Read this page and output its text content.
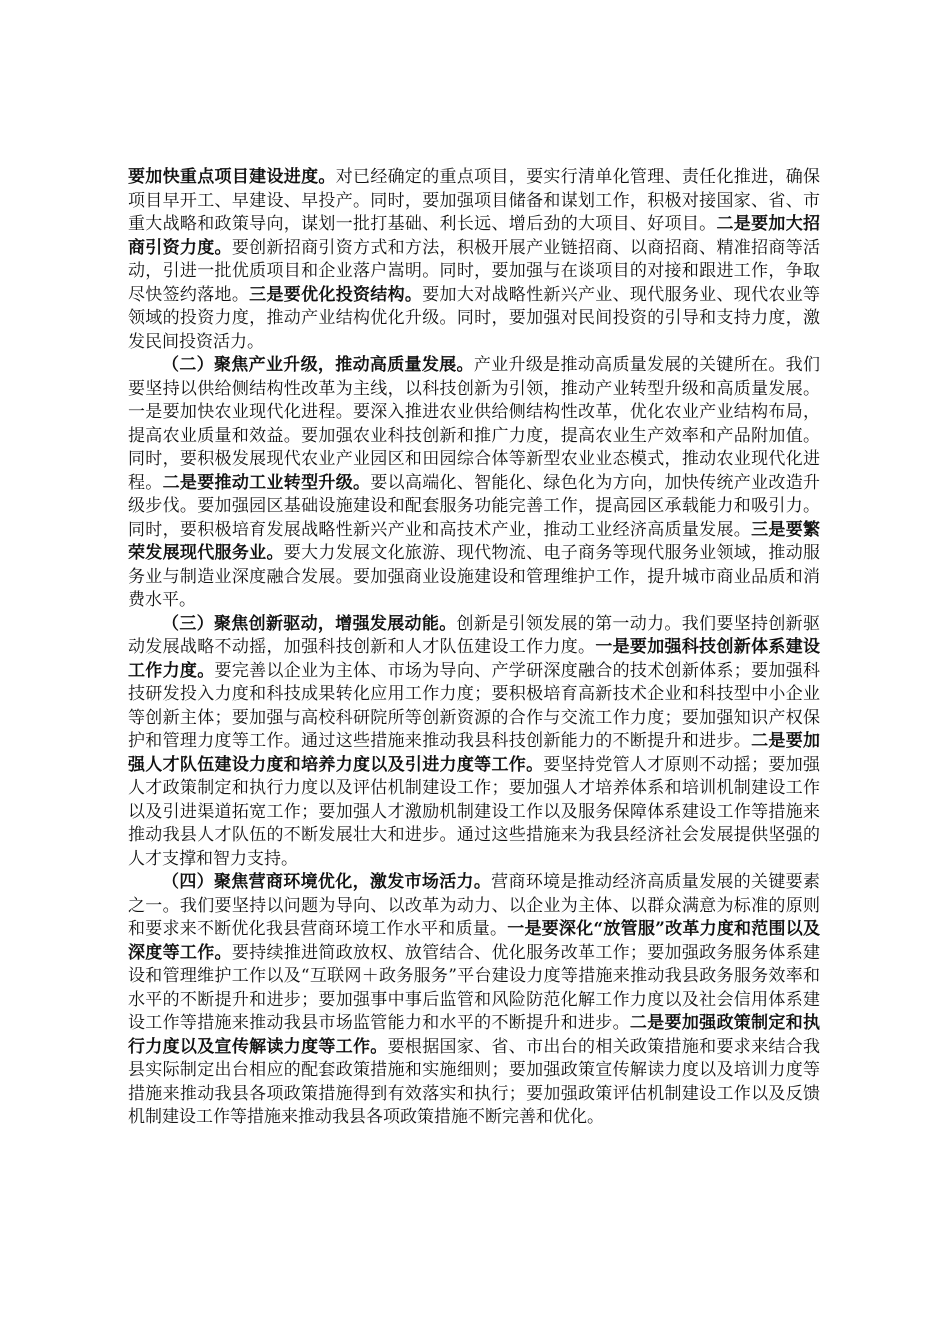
要加快重点项目建设进度。对已经确定的重点项目，要实行清单化管理、责任化推进，确保项目早开工、早建设、早投产。同时，要加强项目储备和谋划工作，积极对接国家、省、市重大战略和政策导向，谋划一批打基础、利长远、增后劲的大项目、好项目。二是要加大招商引资力度。要创新招商引资方式和方法，积极开展产业链招商、以商招商、精准招商等活动，引进一批优质项目和企业落户嵩明。同时，要加强与在谈项目的对接和跟进工作，争取尽快签约落地。三是要优化投资结构。要加大对战略性新兴产业、现代服务业、现代农业等领域的投资力度，推动产业结构优化升级。同时，要加强对民间投资的引导和支持力度，激发民间投资活力。

（二）聚焦产业升级，推动高质量发展。产业升级是推动高质量发展的关键所在。我们要坚持以供给侧结构性改革为主线，以科技创新为引领，推动产业转型升级和高质量发展。一是要加快农业现代化进程。要深入推进农业供给侧结构性改革，优化农业产业结构布局，提高农业质量和效益。要加强农业科技创新和推广力度，提高农业生产效率和产品附加值。同时，要积极发展现代农业产业园区和田园综合体等新型农业业态模式，推动农业现代化进程。二是要推动工业转型升级。要以高端化、智能化、绿色化为方向，加快传统产业改造升级步伐。要加强园区基础设施建设和配套服务功能完善工作，提高园区承载能力和吸引力。同时，要积极培育发展战略性新兴产业和高技术产业，推动工业经济高质量发展。三是要繁荣发展现代服务业。要大力发展文化旅游、现代物流、电子商务等现代服务业领域，推动服务业与制造业深度融合发展。要加强商业设施建设和管理维护工作，提升城市商业品质和消费水平。

（三）聚焦创新驱动，增强发展动能。创新是引领发展的第一动力。我们要坚持创新驱动发展战略不动摇，加强科技创新和人才队伍建设工作力度。一是要加强科技创新体系建设工作力度。要完善以企业为主体、市场为导向、产学研深度融合的技术创新体系；要加强科技研发投入力度和科技成果转化应用工作力度；要积极培育高新技术企业和科技型中小企业等创新主体；要加强与高校科研院所等创新资源的合作与交流工作力度；要加强知识产权保护和管理力度等工作。通过这些措施来推动我县科技创新能力的不断提升和进步。二是要加强人才队伍建设力度和培养力度以及引进力度等工作。要坚持党管人才原则不动摇；要加强人才政策制定和执行力度以及评估机制建设工作；要加强人才培养体系和培训机制建设工作以及引进渠道拓宽工作；要加强人才激励机制建设工作以及服务保障体系建设工作等措施来推动我县人才队伍的不断发展壮大和进步。通过这些措施来为我县经济社会发展提供坚强的人才支撑和智力支持。

（四）聚焦营商环境优化，激发市场活力。营商环境是推动经济高质量发展的关键要素之一。我们要坚持以问题为导向、以改革为动力、以企业为主体、以群众满意为标准的原则和要求来不断优化我县营商环境工作水平和质量。一是要深化“放管服”改革力度和范围以及深度等工作。要持续推进简政放权、放管结合、优化服务改革工作；要加强政务服务体系建设和管理维护工作以及“互联网＋政务服务”平台建设力度等措施来推动我县政务服务效率和水平的不断提升和进步；要加强事中事后监管和风险防范化解工作力度以及社会信用体系建设工作等措施来推动我县市场监管能力和水平的不断提升和进步。二是要加强政策制定和执行力度以及宣传解读力度等工作。要根据国家、省、市出台的相关政策措施和要求来结合我县实际制定出台相应的配套政策措施和实施细则；要加强政策宣传解读力度以及培训力度等措施来推动我县各项政策措施得到有效落实和执行；要加强政策评估机制建设工作以及反馈机制建设工作等措施来推动我县各项政策措施不断完善和优化。
